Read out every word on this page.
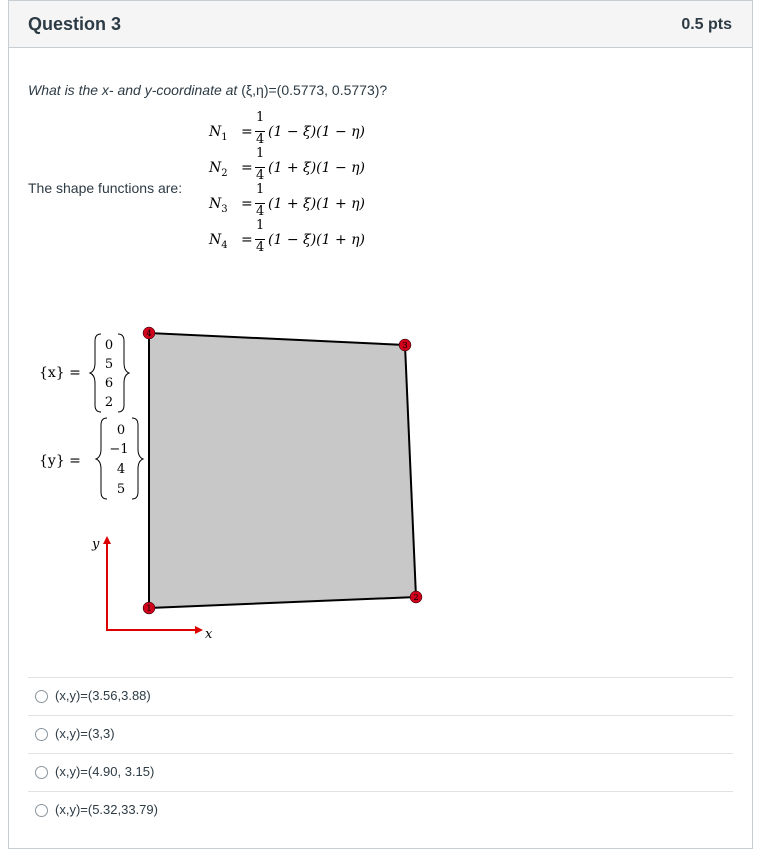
Question 3	0.5 pts
What is the x- and y-coordinate at (ξ,η)=(0.5773, 0.5773)?
The shape functions are:
$N_1$ =
1
4 (1 − ξ)(1 − η)
$N_2$ =
1
4 (1 + ξ)(1 − η)
$N_3$ =
1
4 (1 + ξ)(1 + η)
$N_4$ =
1
4 (1 − ξ)(1 + η)
{x} =
0
5
6
2
{y} =
0
−1
4
5
y
x
1
2
3
4
(x,y)=(3.56,3.88)
(x,y)=(3,3)
(x,y)=(4.90, 3.15)
(x,y)=(5.32,33.79)
